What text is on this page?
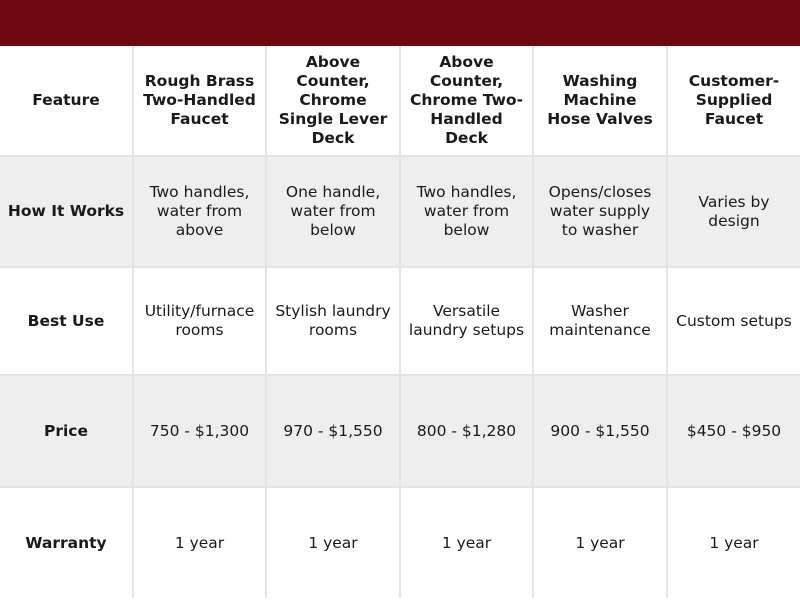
Feature	Rough Brass Two-Handled Faucet	Above Counter, Chrome Single Lever Deck	Above Counter, Chrome Two-Handled Deck	Washing Machine Hose Valves	Customer-Supplied Faucet
How It Works	Two handles, water from above	One handle, water from below	Two handles, water from below	Opens/closes water supply to washer	Varies by design
Best Use	Utility/furnace rooms	Stylish laundry rooms	Versatile laundry setups	Washer maintenance	Custom setups
Price	750 - $1,300	970 - $1,550	800 - $1,280	900 - $1,550	$450 - $950
Warranty	1 year	1 year	1 year	1 year	1 year
